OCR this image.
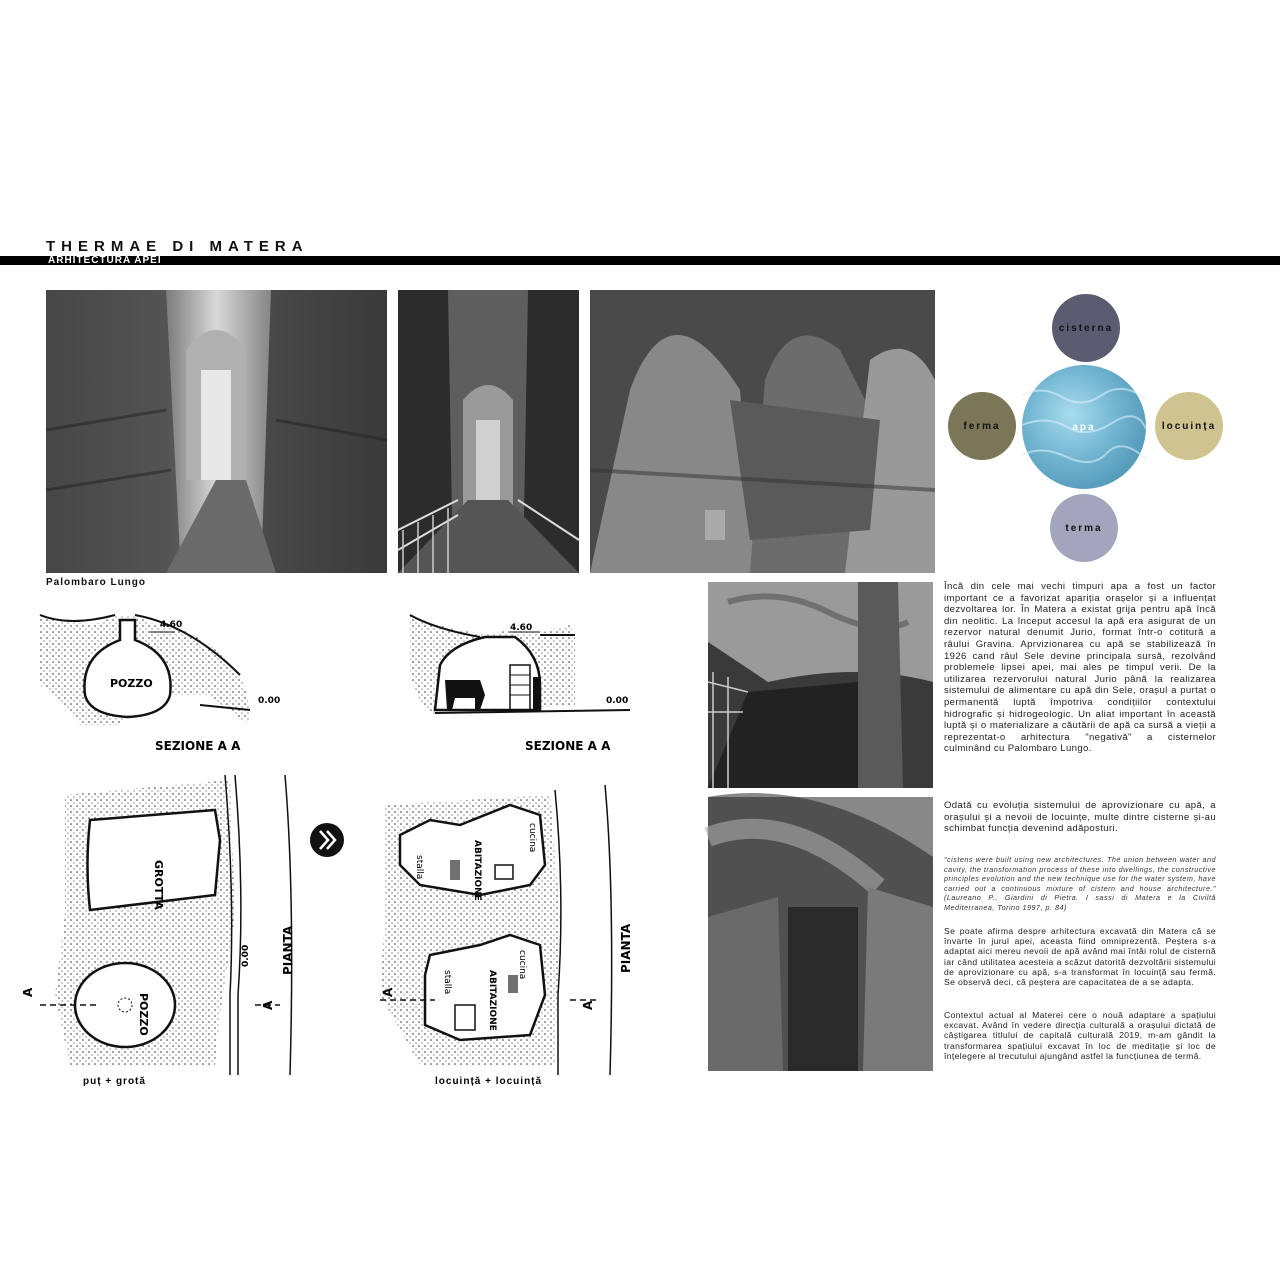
THERMAE DI MATERA
ARHITECTURA APEI
Palombaro Lungo
cisterna
ferma	locuința
terma
apa
POZZO
4.60
0.00
SEZIONE A A
4.60
0.00
SEZIONE A A
GROTTA
POZZO
0.00	PIANTA
A
A
stalla	ABITAZIONE
cucina
stalla	ABITAZIONE
cucina	PIANTA
A
A
puț + grotă	locuință + locuință
Încă din cele mai vechi timpuri apa a fost un factor important ce a favorizat apariția orașelor și a influențat dezvoltarea lor. În Matera a existat grija pentru apă încă din neolitic. La început accesul la apă era asigurat de un rezervor natural denumit Jurio, format într-o cotitură a râului Gravina. Aprvizionarea cu apă se stabilizează în 1926 cand râul Sele devine principala sursă, rezolvând problemele lipsei apei, mai ales pe timpul verii. De la utilizarea rezervorului natural Jurio până la realizarea sistemului de alimentare cu apă din Sele, orașul a purtat o permanentă luptă împotriva condițiilor contextului hidrografic și hidrogeologic. Un aliat important în această luptă și o materializare a căutării de apă ca sursă a vieții a reprezentat-o arhitectura "negativă" a cisternelor culminând cu Palombaro Lungo.
Odată cu evoluția sistemului de aprovizionare cu apă, a orașului și a nevoii de locuințe, multe dintre cisterne și-au schimbat funcția devenind adăposturi.
"cistens were built using new architectures. The union between water and cavity, the transformation process of these into dwellings, the constructive principles evolution and the new technique use for the water system, have carried out a continuous mixture of cistern and house architecture." (Laureano P., Giardini di Pietra. I sassi di Matera e la Civiltă Mediterranea, Torino 1997, p. 84)
Se poate afirma despre arhitectura excavată din Matera că se învarte în jurul apei, aceasta fiind omniprezentă. Peștera s-a adaptat aici mereu nevoii de apă având mai întâi rolul de cisternă iar când utilitatea acesteia a scăzut datorită dezvoltării sistemului de aprovizionare cu apă, s-a transformat în locuință sau fermă. Se observă deci, că peștera are capacitatea de a se adapta.
Contextul actual al Materei cere o nouă adaptare a spațiului excavat. Având în vedere direcția culturală a orașului dictată de câștigarea titlului de capitală culturală 2019, m-am gândit la transformarea spațiului excavat în loc de meditație și loc de înțelegere al trecutului ajungând astfel la funcțiunea de termă.
